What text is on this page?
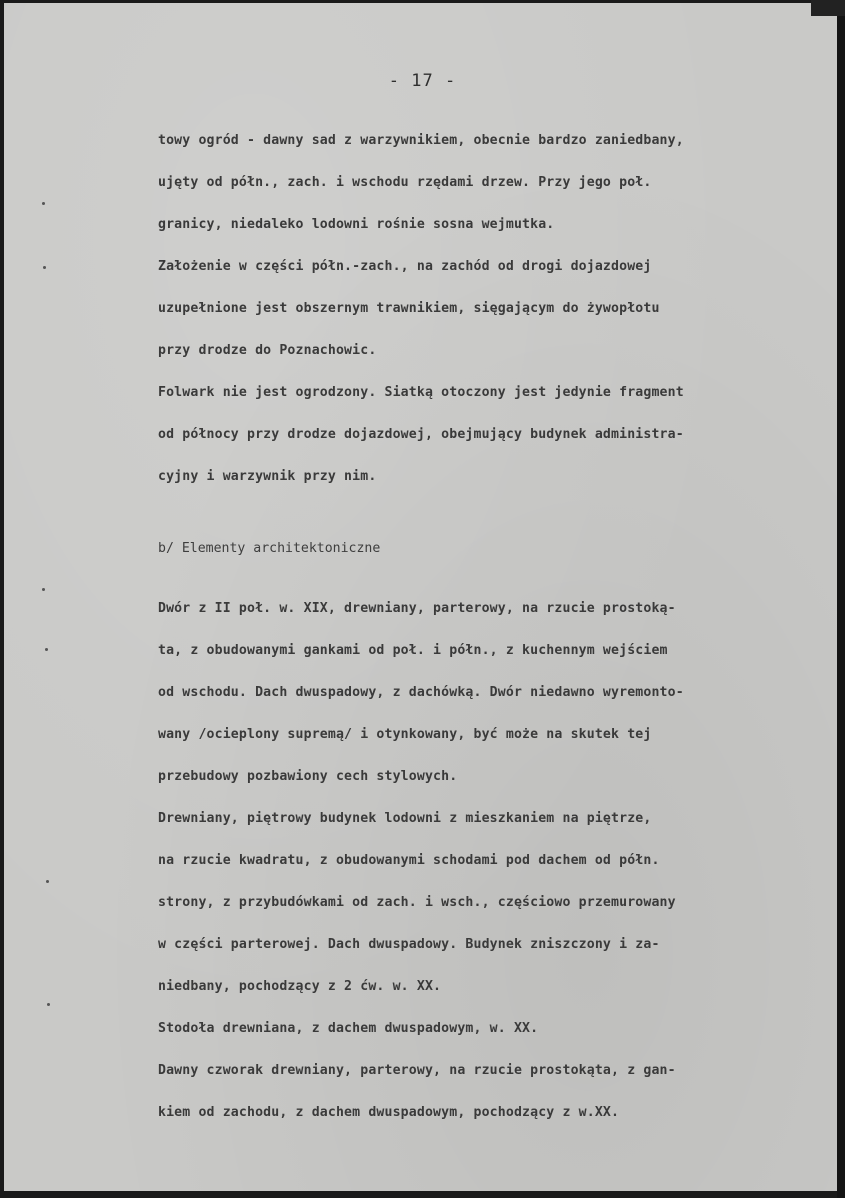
- 17 -
towy ogród - dawny sad z warzywnikiem, obecnie bardzo zaniedbany,
ujęty od półn., zach. i wschodu rzędami drzew. Przy jego poł.
granicy, niedaleko lodowni rośnie sosna wejmutka.
Założenie w części półn.-zach., na zachód od drogi dojazdowej
uzupełnione jest obszernym trawnikiem, sięgającym do żywopłotu
przy drodze do Poznachowic.
Folwark nie jest ogrodzony. Siatką otoczony jest jedynie fragment
od północy przy drodze dojazdowej, obejmujący budynek administra-
cyjny i warzywnik przy nim.
b/ Elementy architektoniczne
Dwór z II poł. w. XIX, drewniany, parterowy, na rzucie prostoką-
ta, z obudowanymi gankami od poł. i półn., z kuchennym wejściem
od wschodu. Dach dwuspadowy, z dachówką. Dwór niedawno wyremonto-
wany /ocieplony supremą/ i otynkowany, być może na skutek tej
przebudowy pozbawiony cech stylowych.
Drewniany, piętrowy budynek lodowni z mieszkaniem na piętrze,
na rzucie kwadratu, z obudowanymi schodami pod dachem od półn.
strony, z przybudówkami od zach. i wsch., częściowo przemurowany
w części parterowej. Dach dwuspadowy. Budynek zniszczony i za-
niedbany, pochodzący z 2 ćw. w. XX.
Stodoła drewniana, z dachem dwuspadowym, w. XX.
Dawny czworak drewniany, parterowy, na rzucie prostokąta, z gan-
kiem od zachodu, z dachem dwuspadowym, pochodzący z w.XX.
